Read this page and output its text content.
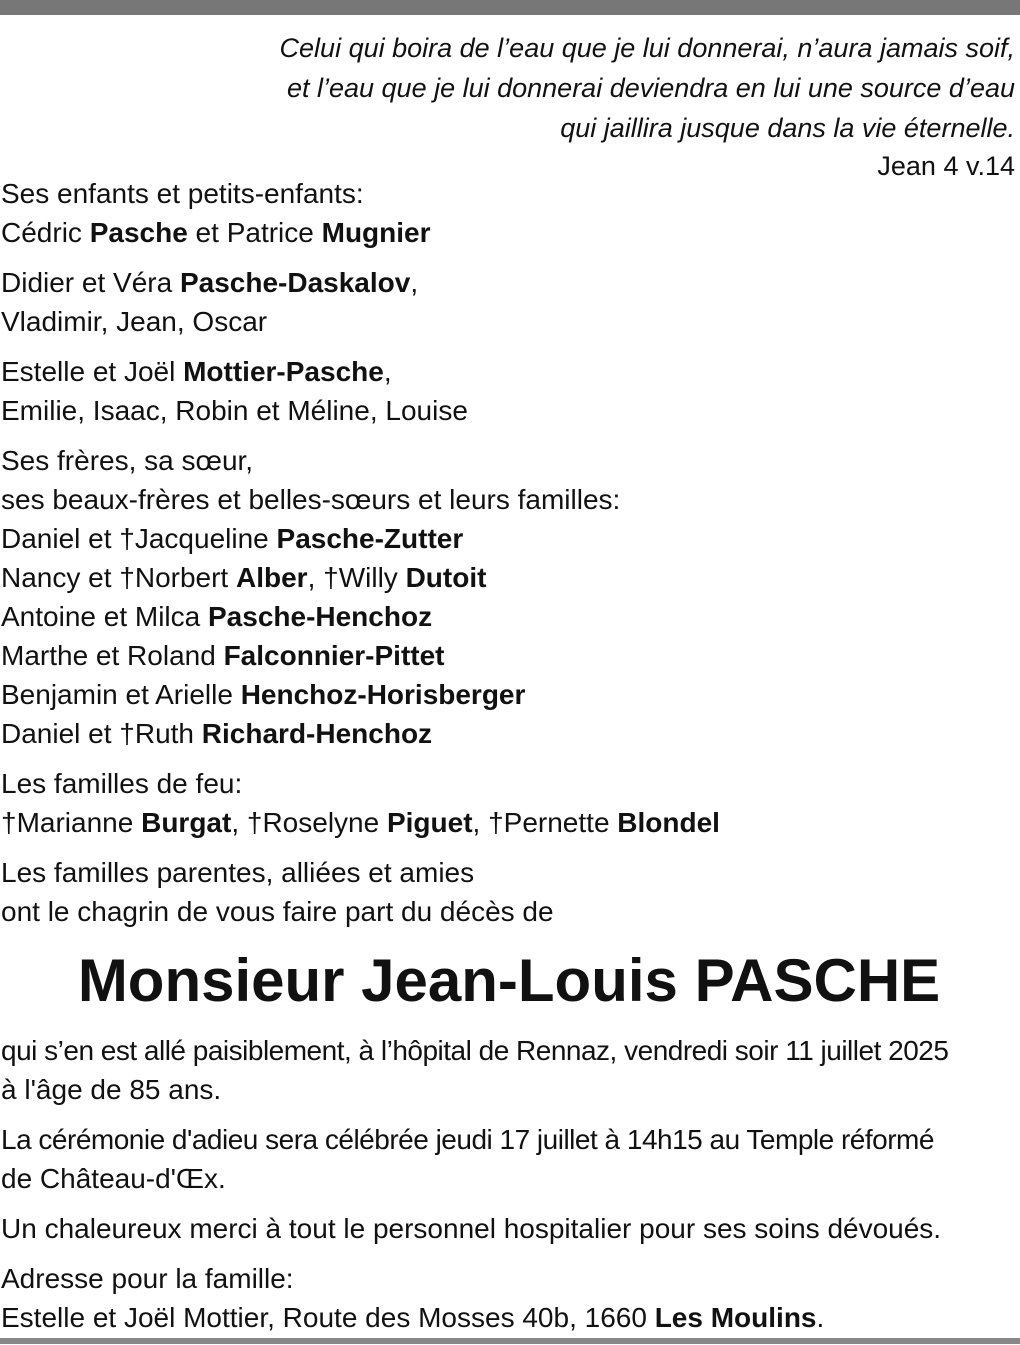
Celui qui boira de l’eau que je lui donnerai, n’aura jamais soif,
et l’eau que je lui donnerai deviendra en lui une source d’eau
qui jaillira jusque dans la vie éternelle.
Jean 4 v.14
Ses enfants et petits-enfants:
Cédric Pasche et Patrice Mugnier
Didier et Véra Pasche-Daskalov,
Vladimir, Jean, Oscar
Estelle et Joël Mottier-Pasche,
Emilie, Isaac, Robin et Méline, Louise
Ses frères, sa sœur,
ses beaux-frères et belles-sœurs et leurs familles:
Daniel et †Jacqueline Pasche-Zutter
Nancy et †Norbert Alber, †Willy Dutoit
Antoine et Milca Pasche-Henchoz
Marthe et Roland Falconnier-Pittet
Benjamin et Arielle Henchoz-Horisberger
Daniel et †Ruth Richard-Henchoz
Les familles de feu:
†Marianne Burgat, †Roselyne Piguet, †Pernette Blondel
Les familles parentes, alliées et amies
ont le chagrin de vous faire part du décès de
Monsieur Jean-Louis PASCHE
qui s’en est allé paisiblement, à l’hôpital de Rennaz, vendredi soir 11 juillet 2025
à l'âge de 85 ans.
La cérémonie d'adieu sera célébrée jeudi 17 juillet à 14h15 au Temple réformé
de Château-d'Œx.
Un chaleureux merci à tout le personnel hospitalier pour ses soins dévoués.
Adresse pour la famille:
Estelle et Joël Mottier, Route des Mosses 40b, 1660 Les Moulins.
